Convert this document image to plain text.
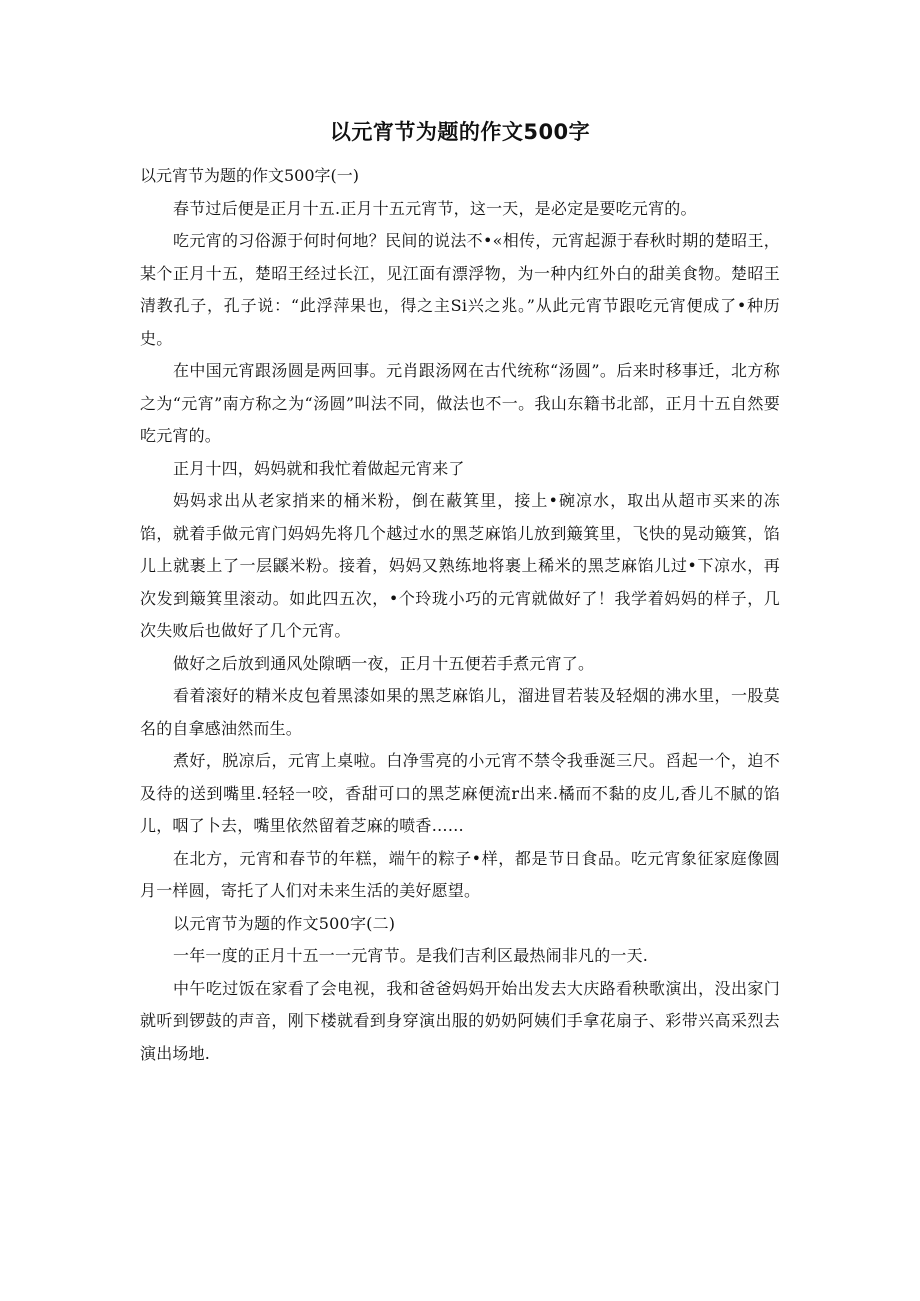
以元宵节为题的作文500字

以元宵节为题的作文500字(一)

春节过后便是正月十五.正月十五元宵节，这一天，是必定是要吃元宵的。

吃元宵的习俗源于何时何地？民间的说法不•«相传，元宵起源于春秋时期的楚昭王，某个正月十五，楚昭王经过长江，见江面有漂浮物，为一种内红外白的甜美食物。楚昭王清教孔子，孔子说：“此浮萍果也，得之主Si兴之兆。”从此元宵节跟吃元宵便成了•种历史。

在中国元宵跟汤圆是两回事。元肖跟汤网在古代统称“汤圆”。后来时移事迁，北方称之为“元宵”南方称之为“汤圆”叫法不同，做法也不一。我山东籍书北部，正月十五自然要吃元宵的。

正月十四，妈妈就和我忙着做起元宵来了

妈妈求出从老家捎来的桶米粉，倒在蔽箕里，接上•碗凉水，取出从超市买来的冻馅，就着手做元宵门妈妈先将几个越过水的黑芝麻馅儿放到簸箕里，飞快的晃动簸箕，馅儿上就裹上了一层鼷米粉。接着，妈妈又熟练地将裹上稀米的黑芝麻馅儿过•下凉水，再次发到簸箕里滚动。如此四五次，•个玲珑小巧的元宵就做好了！我学着妈妈的样子，几次失败后也做好了几个元宵。

做好之后放到通风处隙晒一夜，正月十五便若手煮元宵了。

看着滚好的精米皮包着黑漆如果的黑芝麻馅儿，溜进冒若装及轻烟的沸水里，一股莫名的自拿感油然而生。

煮好，脱凉后，元宵上桌啦。白净雪亮的小元宵不禁令我垂涎三尺。舀起一个，迫不及待的送到嘴里.轻轻一咬，香甜可口的黑芝麻便流r出来.橘而不黏的皮儿,香儿不腻的馅儿，咽了卜去，嘴里依然留着芝麻的喷香……

在北方，元宵和春节的年糕，端午的粽子•样，都是节日食品。吃元宵象征家庭像圆月一样圆，寄托了人们对未来生活的美好愿望。

以元宵节为题的作文500字(二)

一年一度的正月十五一一元宵节。是我们吉利区最热闹非凡的一天.

中午吃过饭在家看了会电视，我和爸爸妈妈开始出发去大庆路看秧歌演出，没出家门就听到锣鼓的声音，刚下楼就看到身穿演出服的奶奶阿姨们手拿花扇子、彩带兴高采烈去演出场地.
